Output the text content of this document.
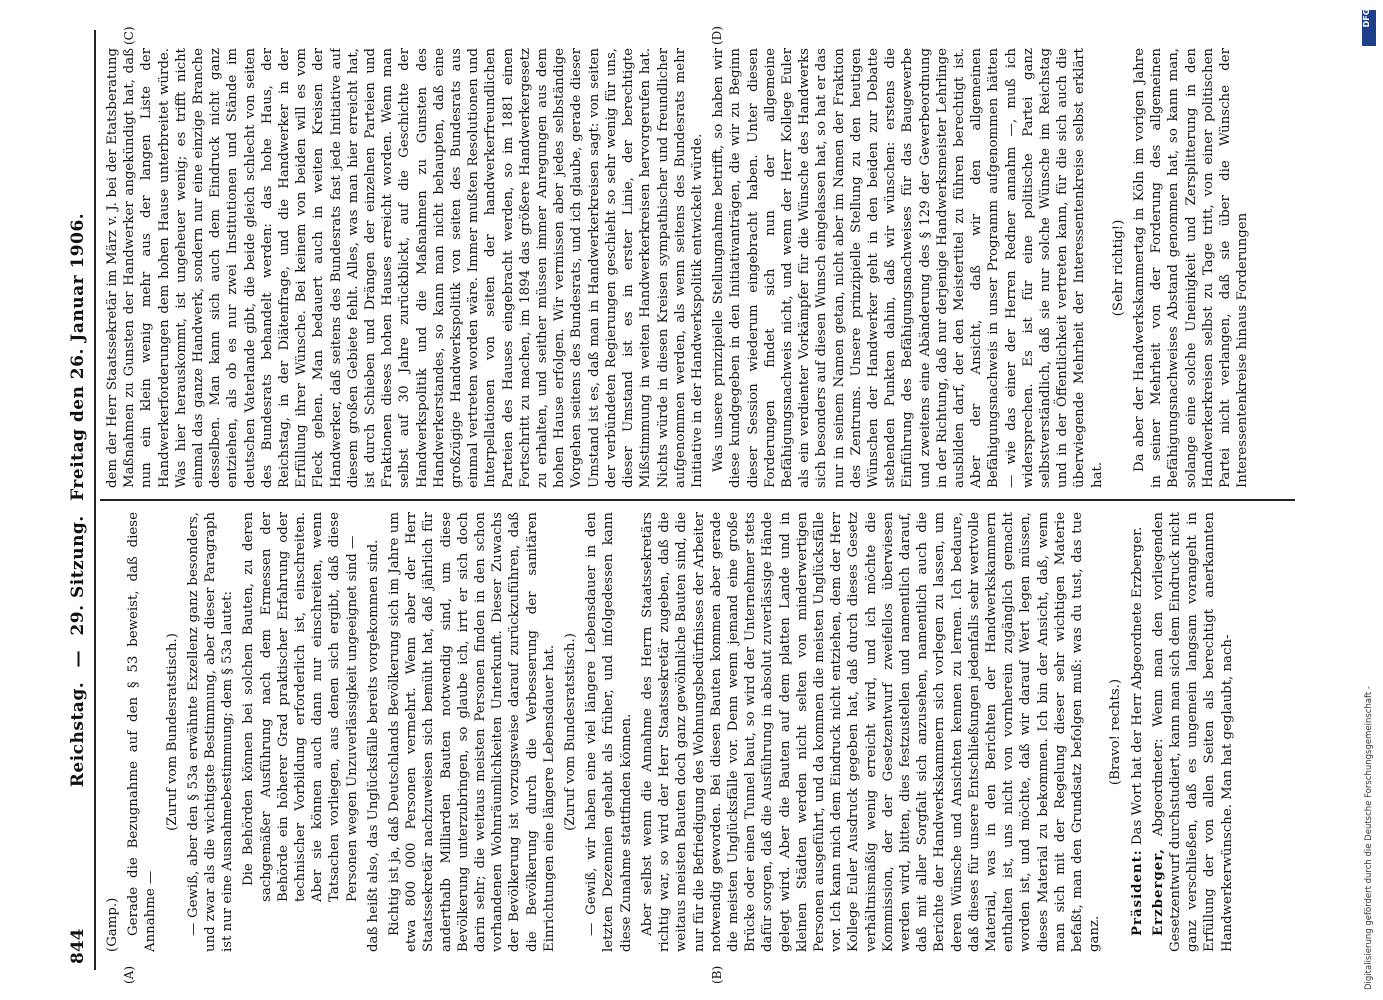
844
Reichstag. — 29. Sitzung. Freitag den 26. Januar 1906.
(A)	(B)
(C)	(D)

(Gamp.) Gerade die Bezugnahme auf den § 53 beweist, daß diese Annahme —

(Zuruf vom Bundesratstisch.) — Gewiß, aber den § 53a erwähnte Exzellenz ganz besonders, und zwar als die wichtigste Bestimmung, aber dieser Paragraph ist nur eine Ausnahmebestimmung; dem § 53a lautet: Die Behörden können bei solchen Bauten, zu deren sachgemäßer Ausführung nach dem Ermessen der Behörde ein höherer Grad praktischer Erfahrung oder technischer Vorbildung erforderlich ist, einschreiten. Aber sie können auch dann nur einschreiten, wenn Tatsachen vorliegen, aus denen sich ergibt, daß diese Personen wegen Unzuverlässigkeit ungeeignet sind — daß heißt also, das Unglücksfälle bereits vorgekommen sind. Richtig ist ja, daß Deutschlands Bevölkerung sich im Jahre um etwa 800 000 Personen vermehrt. Wenn aber der Herr Staatssekretär nachzuweisen sich bemüht hat, daß jährlich für anderthalb Milliarden Bauten notwendig sind, um diese Bevölkerung unterzubringen, so glaube ich, irrt er sich doch darin sehr; die weitaus meisten Personen finden in den schon vorhandenen Wohnräumlichkeiten Unterkunft. Dieser Zuwachs der Bevölkerung ist vorzugsweise darauf zurückzuführen, daß die Bevölkerung durch die Verbesserung der sanitären Einrichtungen eine längere Lebensdauer hat. (Zuruf vom Bundesratstisch.) — Gewiß, wir haben eine viel längere Lebensdauer in den letzten Dezennien gehabt als früher, und infolgedessen kann diese Zunahme stattfinden können. Aber selbst wenn die Annahme des Herrn Staatssekretärs richtig war, so wird der Herr Staatssekretär zugeben, daß die weitaus meisten Bauten doch ganz gewöhnliche Bauten sind, die nur für die Befriedigung des Wohnungsbedürfnisses der Arbeiter notwendig geworden. Bei diesen Bauten kommen aber gerade die meisten Unglücksfälle vor. Denn wenn jemand eine große Brücke oder einen Tunnel baut, so wird der Unternehmer stets dafür sorgen, daß die Ausführung in absolut zuverlässige Hände gelegt wird. Aber die Bauten auf dem platten Lande und in kleinen Städten werden nicht selten von minderwertigen Personen ausgeführt, und da kommen die meisten Unglücksfälle vor. Ich kann mich dem Eindruck nicht entziehen, dem der Herr Kollege Euler Ausdruck gegeben hat, daß durch dieses Gesetz verhältnismäßig wenig erreicht wird, und ich möchte die Kommission, der der Gesetzentwurf zweifellos überwiesen werden wird, bitten, dies festzustellen und namentlich darauf, daß mit aller Sorgfalt sich anzusehen, namentlich auch die Berichte der Handwerkskammern sich vorlegen zu lassen, um deren Wünsche und Ansichten kennen zu lernen. Ich bedaure, daß dieses für unsere Entschließungen jedenfalls sehr wertvolle Material, was in den Berichten der Handwerkskammern enthalten ist, uns nicht von vornherein zugänglich gemacht worden ist, und möchte, daß wir darauf Wert legen müssen, dieses Material zu bekommen. Ich bin der Ansicht, daß, wenn man sich mit der Regelung dieser sehr wichtigen Materie befaßt, man den Grundsatz befolgen muß: was du tust, das tue ganz.

(Bravo! rechts.)

Präsident: Das Wort hat der Herr Abgeordnete Erzberger.

Erzberger, Abgeordneter: Wenn man den vorliegenden Gesetzentwurf durchstudiert, kann man sich dem Eindruck nicht ganz verschließen, daß es ungemein langsam vorangeht in Erfüllung der von allen Seiten als berechtigt anerkannten Handwerkerwünsche. Man hat geglaubt, nach-

dem der Herr Staatssekretär im März v. J. bei der Etatsberatung Maßnahmen zu Gunsten der Handwerker angekündigt hat, daß nun ein klein wenig mehr aus der langen Liste der Handwerkerforderungen dem hohen Hause unterbreitet würde. Was hier herauskommt, ist ungeheuer wenig; es trifft nicht einmal das ganze Handwerk, sondern nur eine einzige Branche desselben. Man kann sich auch dem Eindruck nicht ganz entziehen, als ob es nur zwei Institutionen und Stände im deutschen Vaterlande gibt, die beide gleich schlecht von seiten des Bundesrats behandelt werden: das hohe Haus, der Reichstag, in der Diätenfrage, und die Handwerker in der Erfüllung ihrer Wünsche. Bei keinem von beiden will es vom Fleck gehen. Man bedauert auch in weiten Kreisen der Handwerker, daß seitens des Bundesrats fast jede Initiative auf diesem großen Gebiete fehlt. Alles, was man hier erreicht hat, ist durch Schieben und Drängen der einzelnen Parteien und Fraktionen dieses hohen Hauses erreicht worden. Wenn man selbst auf 30 Jahre zurückblickt, auf die Geschichte der Handwerkspolitik und die Maßnahmen zu Gunsten des Handwerkerstandes, so kann man nicht behaupten, daß eine großzügige Handwerkspolitik von seiten des Bundesrats aus einmal vertreten worden wäre. Immer mußten Resolutionen und Interpellationen von seiten der handwerkerfreundlichen Parteien des Hauses eingebracht werden, so im 1881 einen Fortschritt zu machen, im 1894 das größere Handwerkergesetz zu erhalten, und seither müssen immer Anregungen aus dem hohen Hause erfolgen. Wir vermissen aber jedes selbständige Vorgehen seitens des Bundesrats, und ich glaube, gerade dieser Umstand ist es, daß man in Handwerkerkreisen sagt: von seiten der verbündeten Regierungen geschieht so sehr wenig für uns, dieser Umstand ist es in erster Linie, der berechtigte Mißstimmung in weiten Handwerkerkreisen hervorgerufen hat. Nichts würde in diesen Kreisen sympathischer und freundlicher aufgenommen werden, als wenn seitens des Bundesrats mehr Initiative in der Handwerkspolitik entwickelt würde. Was unsere prinzipielle Stellungnahme betrifft, so haben wir diese kundgegeben in den Initiativanträgen, die wir zu Beginn dieser Session wiederum eingebracht haben. Unter diesen Forderungen findet sich nun der allgemeine Befähigungsnachweis nicht, und wenn der Herr Kollege Euler als ein verdienter Vorkämpfer für die Wünsche des Handwerks sich besonders auf diesen Wunsch eingelassen hat, so hat er das nur in seinem Namen getan, nicht aber im Namen der Fraktion des Zentrums. Unsere prinzipielle Stellung zu den heutigen Wünschen der Handwerker geht in den beiden zur Debatte stehenden Punkten dahin, daß wir wünschen: erstens die Einführung des Befähigungsnachweises für das Baugewerbe und zweitens eine Abänderung des § 129 der Gewerbeordnung in der Richtung, daß nur derjenige Handwerksmeister Lehrlinge ausbilden darf, der den Meistertitel zu führen berechtigt ist. Aber der Ansicht, daß wir den allgemeinen Befähigungsnachweis in unser Programm aufgenommen hätten — wie das einer der Herren Redner annahm —, muß ich widersprechen. Es ist für eine politische Partei ganz selbstverständlich, daß sie nur solche Wünsche im Reichstag und in der Öffentlichkeit vertreten kann, für die sich auch die überwiegende Mehrheit der Interessentenkreise selbst erklärt hat.

(Sehr richtig!) Da aber der Handwerkskammertag in Köln im vorigen Jahre in seiner Mehrheit von der Forderung des allgemeinen Befähigungsnachweises Abstand genommen hat, so kann man, solange eine solche Uneinigkeit und Zersplitterung in den Handwerkerkreisen selbst zu Tage tritt, von einer politischen Partei nicht verlangen, daß sie über die Wünsche der Interessentenkreise hinaus Forderungen

Digitalisierung gefördert durch die Deutsche Forschungsgemeinschaft -
DFG
